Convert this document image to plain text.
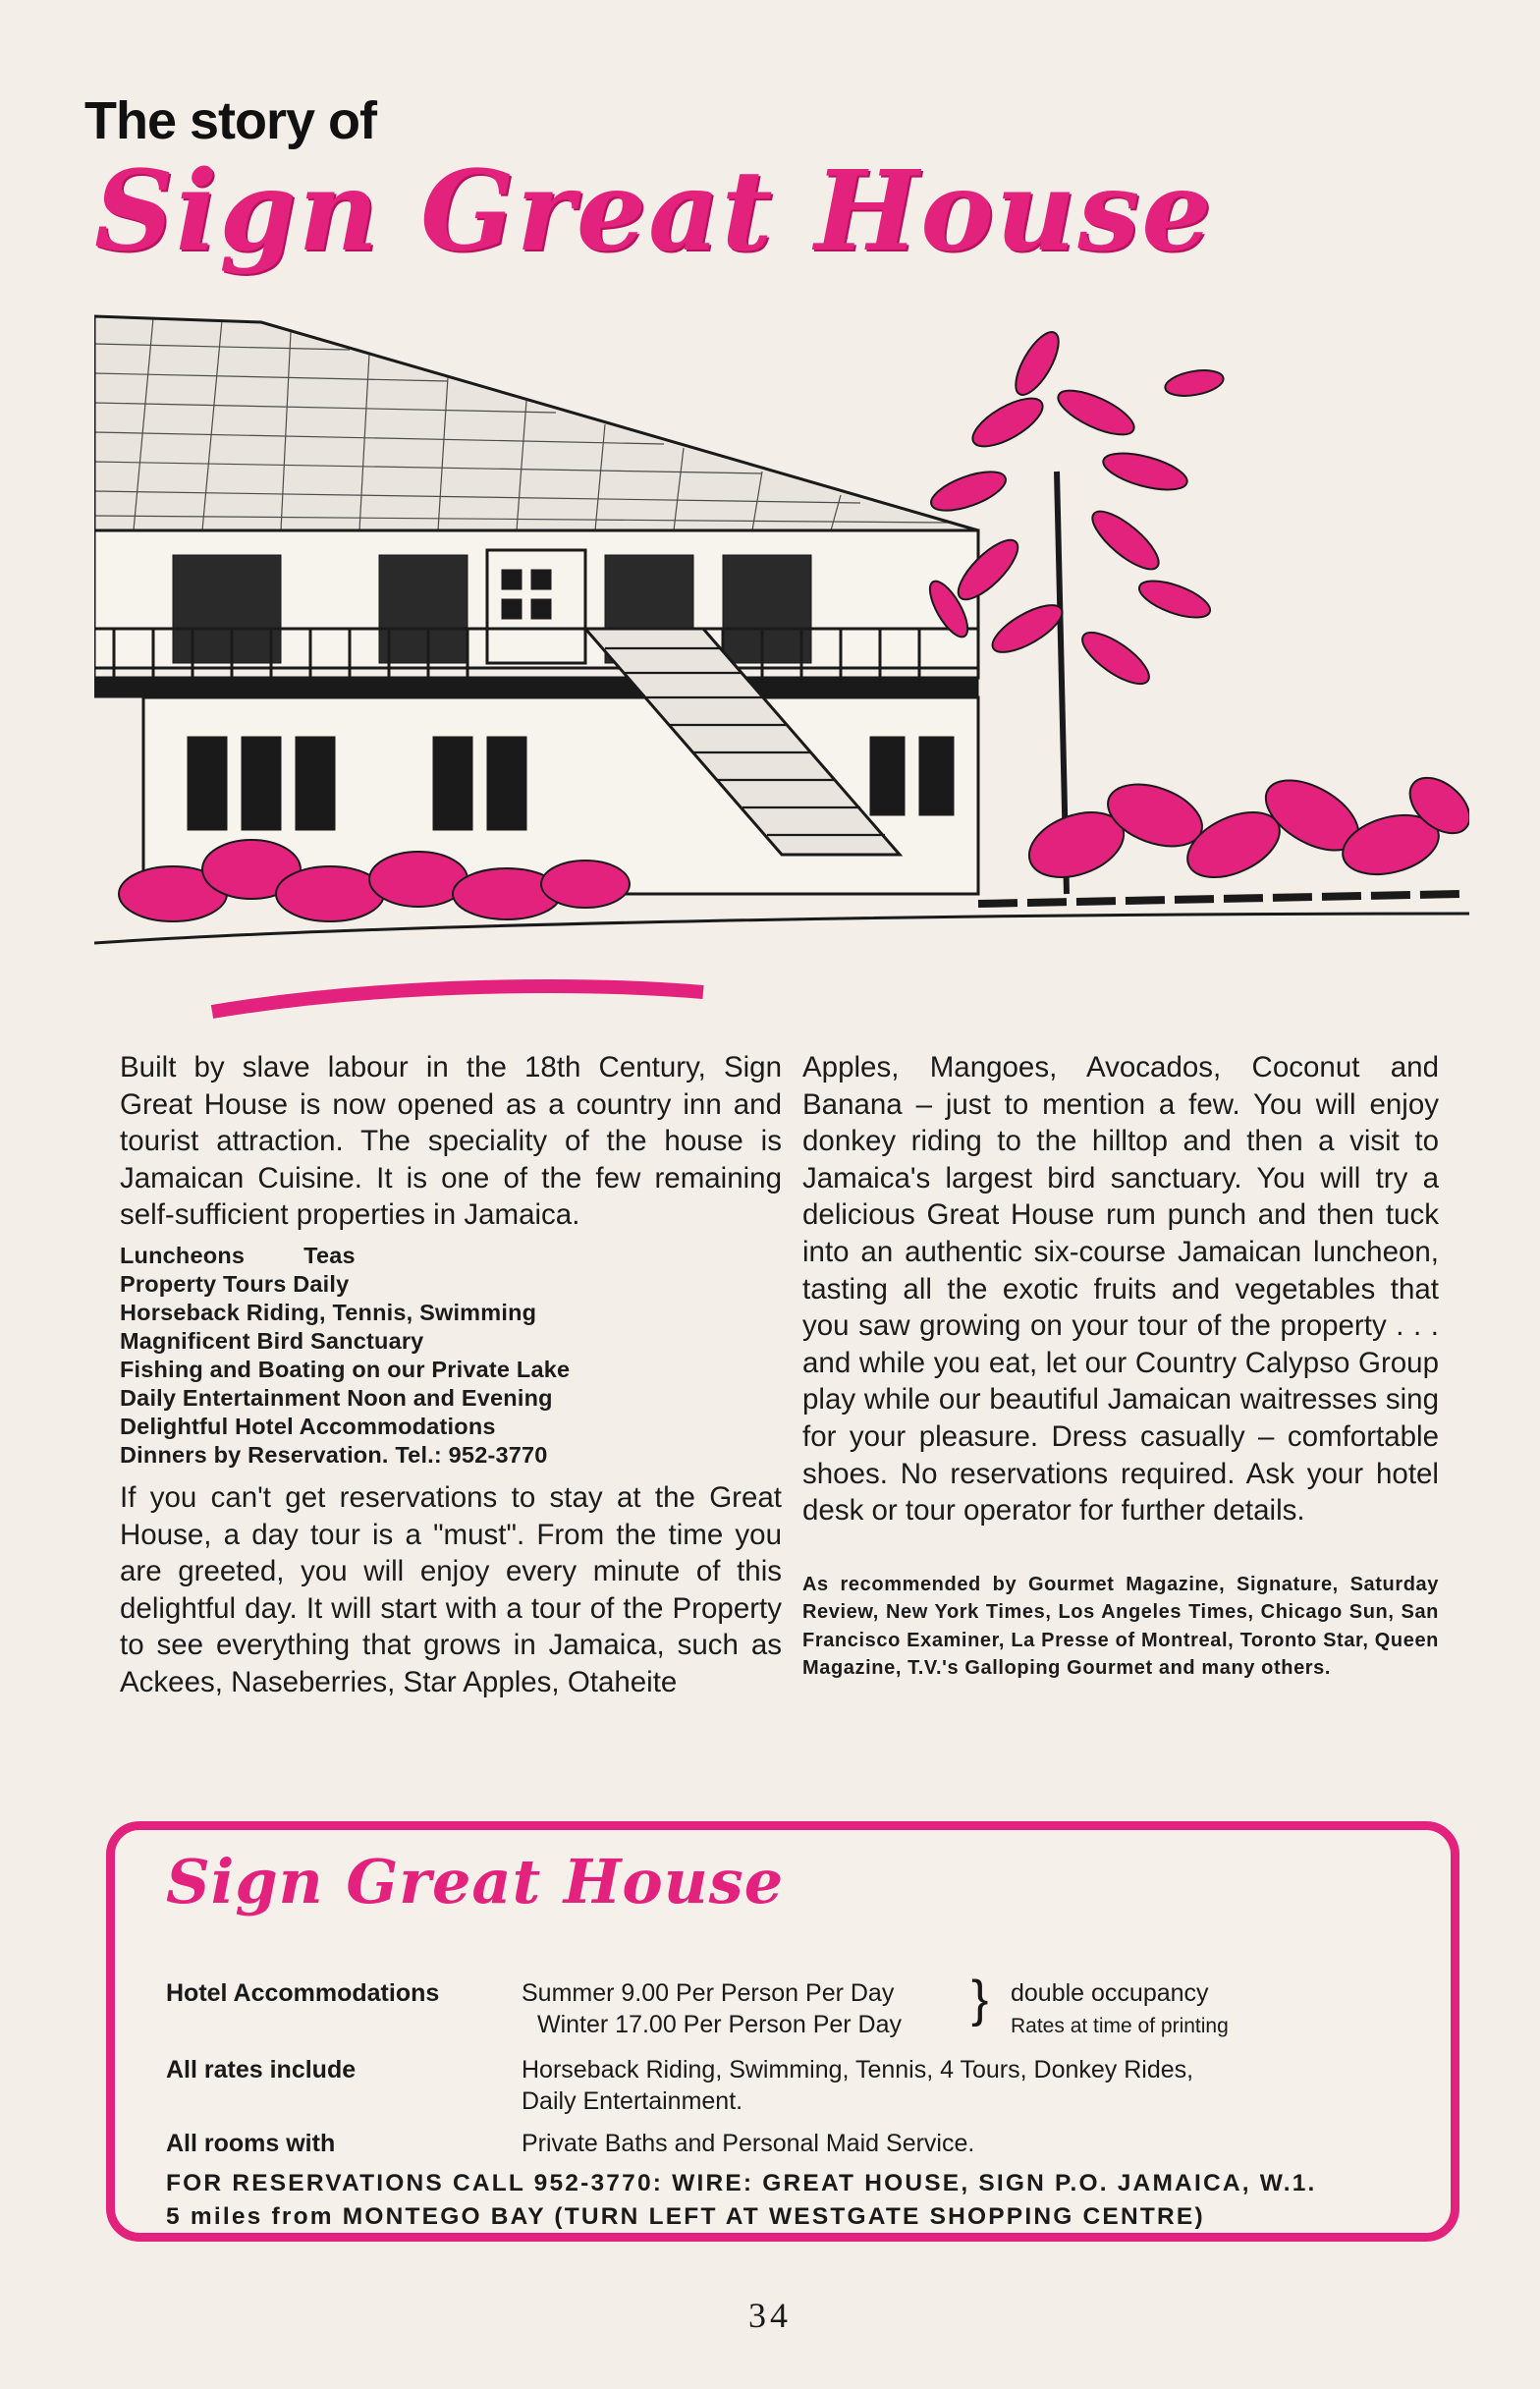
The story of
Sign Great House

Built by slave labour in the 18th Century, Sign Great House is now opened as a country inn and tourist attraction. The speciality of the house is Jamaican Cuisine. It is one of the few remaining self-sufficient properties in Jamaica.

Luncheons	Teas
Property Tours Daily
Horseback Riding, Tennis, Swimming
Magnificent Bird Sanctuary
Fishing and Boating on our Private Lake
Daily Entertainment Noon and Evening
Delightful Hotel Accommodations
Dinners by Reservation. Tel.: 952-3770

If you can't get reservations to stay at the Great House, a day tour is a "must". From the time you are greeted, you will enjoy every minute of this delightful day. It will start with a tour of the Property to see everything that grows in Jamaica, such as Ackees, Naseberries, Star Apples, Otaheite

Apples, Mangoes, Avocados, Coconut and Banana – just to mention a few. You will enjoy donkey riding to the hilltop and then a visit to Jamaica's largest bird sanctuary. You will try a delicious Great House rum punch and then tuck into an authentic six-course Jamaican luncheon, tasting all the exotic fruits and vegetables that you saw growing on your tour of the property . . . and while you eat, let our Country Calypso Group play while our beautiful Jamaican waitresses sing for your pleasure. Dress casually – comfortable shoes. No reservations required. Ask your hotel desk or tour operator for further details.

As recommended by Gourmet Magazine, Signature, Saturday Review, New York Times, Los Angeles Times, Chicago Sun, San Francisco Examiner, La Presse of Montreal, Toronto Star, Queen Magazine, T.V.'s Galloping Gourmet and many others.
Sign Great House
Hotel Accommodations	Summer 9.00 Per Person Per Day
Winter 17.00 Per Person Per Day } double occupancy
Rates at time of printing
All rates include	Horseback Riding, Swimming, Tennis, 4 Tours, Donkey Rides,
Daily Entertainment.
All rooms with	Private Baths and Personal Maid Service.
FOR RESERVATIONS CALL 952-3770: WIRE: GREAT HOUSE, SIGN P.O. JAMAICA, W.1.
5 miles from MONTEGO BAY (TURN LEFT AT WESTGATE SHOPPING CENTRE)
34
